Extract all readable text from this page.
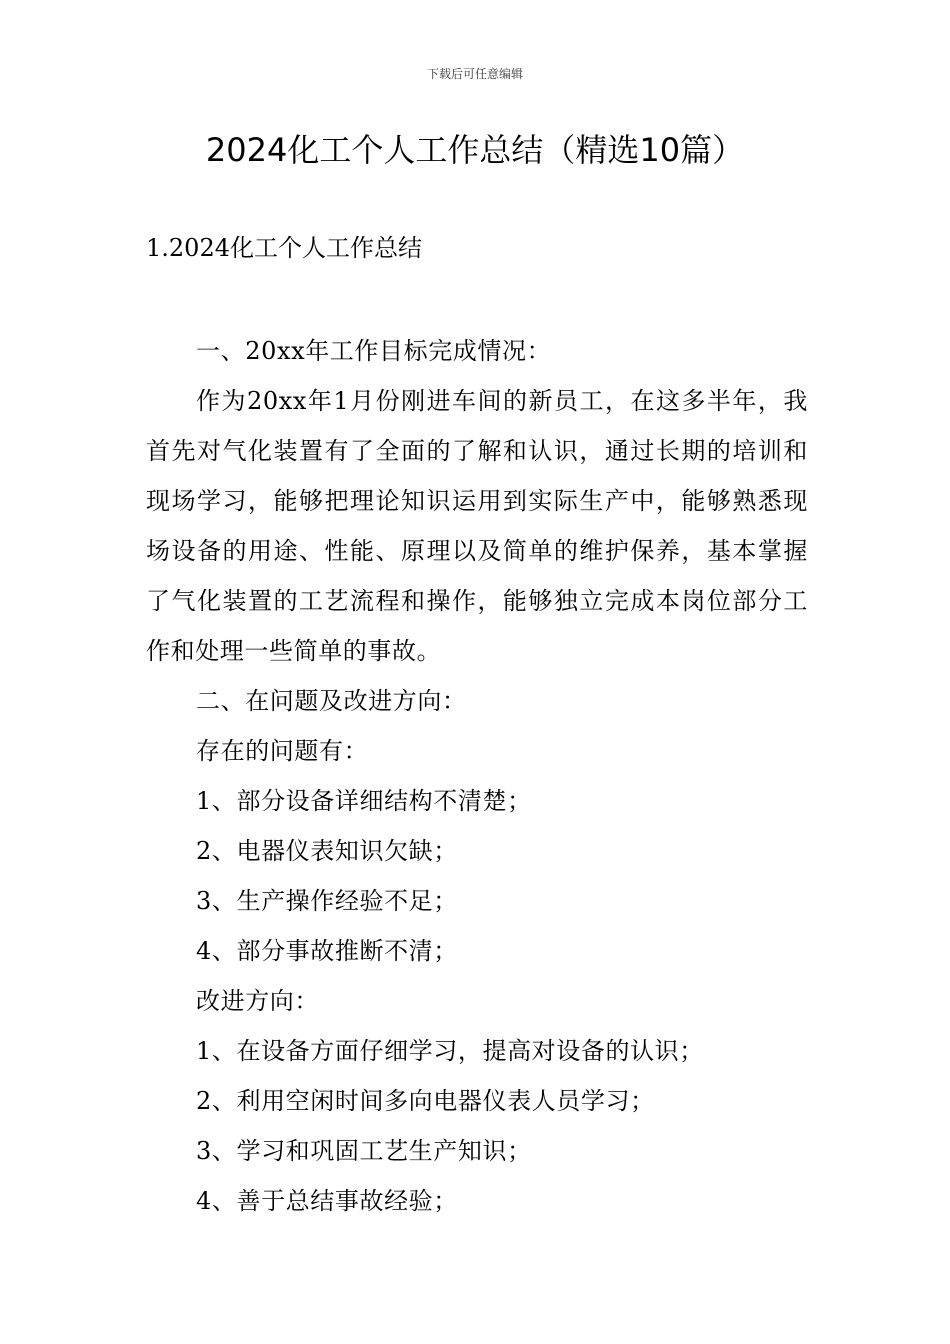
下载后可任意编辑
2024化工个人工作总结（精选10篇）
1.2024化工个人工作总结

一、20xx年工作目标完成情况：

作为20xx年1月份刚进车间的新员工，在这多半年，我首先对气化装置有了全面的了解和认识，通过长期的培训和现场学习，能够把理论知识运用到实际生产中，能够熟悉现场设备的用途、性能、原理以及简单的维护保养，基本掌握了气化装置的工艺流程和操作，能够独立完成本岗位部分工作和处理一些简单的事故。

二、在问题及改进方向：

存在的问题有：

1、部分设备详细结构不清楚；

2、电器仪表知识欠缺；

3、生产操作经验不足；

4、部分事故推断不清；

改进方向：

1、在设备方面仔细学习，提高对设备的认识；

2、利用空闲时间多向电器仪表人员学习；

3、学习和巩固工艺生产知识；

4、善于总结事故经验；
